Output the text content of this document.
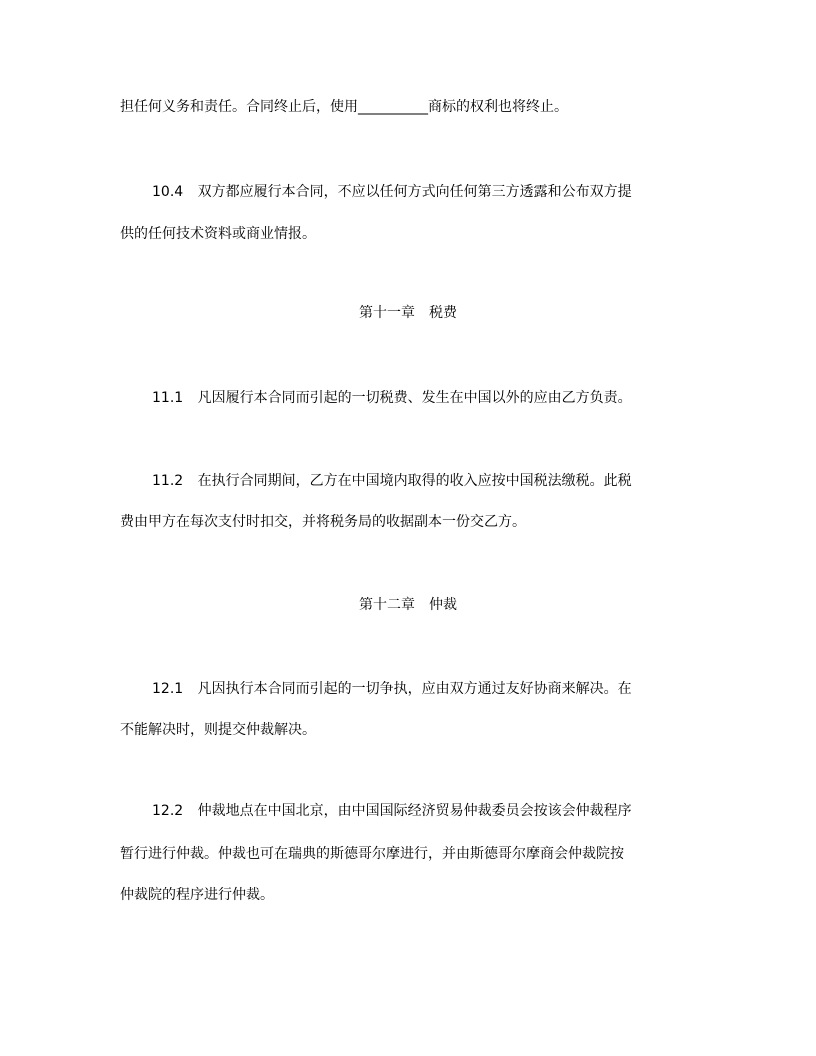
担任何义务和责任。合同终止后，使用__________商标的权利也将终止。
10.4 双方都应履行本合同，不应以任何方式向任何第三方透露和公布双方提
供的任何技术资料或商业情报。
第十一章　税费
11.1 凡因履行本合同而引起的一切税费、发生在中国以外的应由乙方负责。
11.2 在执行合同期间，乙方在中国境内取得的收入应按中国税法缴税。此税
费由甲方在每次支付时扣交，并将税务局的收据副本一份交乙方。
第十二章　仲裁
12.1 凡因执行本合同而引起的一切争执，应由双方通过友好协商来解决。在
不能解决时，则提交仲裁解决。
12.2 仲裁地点在中国北京，由中国国际经济贸易仲裁委员会按该会仲裁程序
暂行进行仲裁。仲裁也可在瑞典的斯德哥尔摩进行，并由斯德哥尔摩商会仲裁院按
仲裁院的程序进行仲裁。
